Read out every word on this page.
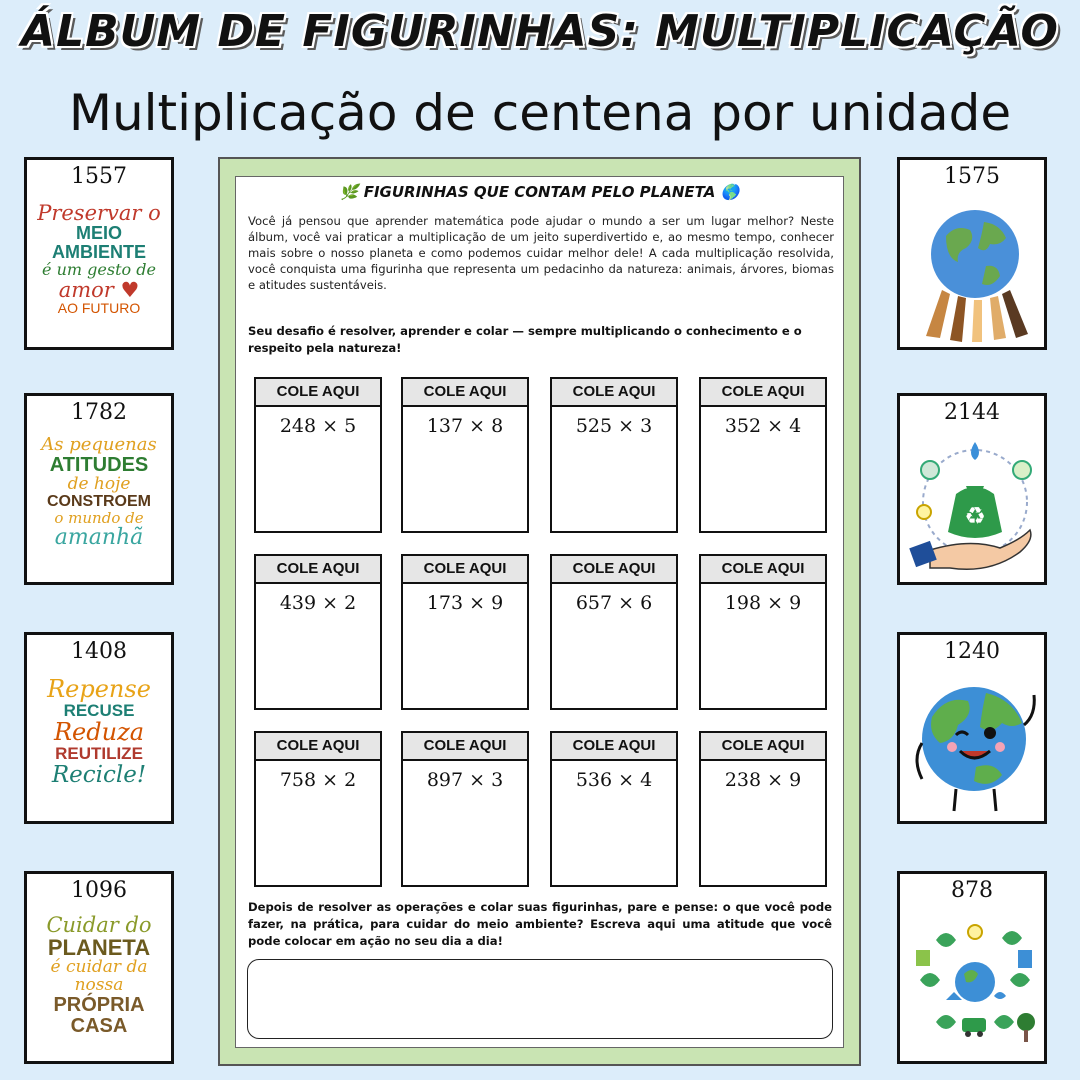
ÁLBUM DE FIGURINHAS: MULTIPLICAÇÃO
Multiplicação de centena por unidade
1557
Preservar o
MEIO
AMBIENTE
é um gesto de
amor ♥
AO FUTURO
1782
As pequenas
ATITUDES
de hoje
CONSTROEM
o mundo de
amanhã
1408
Repense
RECUSE
Reduza
REUTILIZE
Recicle!
1096
Cuidar do
PLANETA
é cuidar da
nossa
PRÓPRIA
CASA
1575
2144
♻
1240
878
🌿 FIGURINHAS QUE CONTAM PELO PLANETA 🌎
Você já pensou que aprender matemática pode ajudar o mundo a ser um lugar melhor? Neste álbum, você vai praticar a multiplicação de um jeito superdivertido e, ao mesmo tempo, conhecer mais sobre o nosso planeta e como podemos cuidar melhor dele! A cada multiplicação resolvida, você conquista uma figurinha que representa um pedacinho da natureza: animais, árvores, biomas e atitudes sustentáveis.
Seu desafio é resolver, aprender e colar — sempre multiplicando o conhecimento e o respeito pela natureza!
COLE AQUI
248 × 5
COLE AQUI
137 × 8
COLE AQUI
525 × 3
COLE AQUI
352 × 4
COLE AQUI
439 × 2
COLE AQUI
173 × 9
COLE AQUI
657 × 6
COLE AQUI
198 × 9
COLE AQUI
758 × 2
COLE AQUI
897 × 3
COLE AQUI
536 × 4
COLE AQUI
238 × 9
Depois de resolver as operações e colar suas figurinhas, pare e pense: o que você pode fazer, na prática, para cuidar do meio ambiente? Escreva aqui uma atitude que você pode colocar em ação no seu dia a dia!
